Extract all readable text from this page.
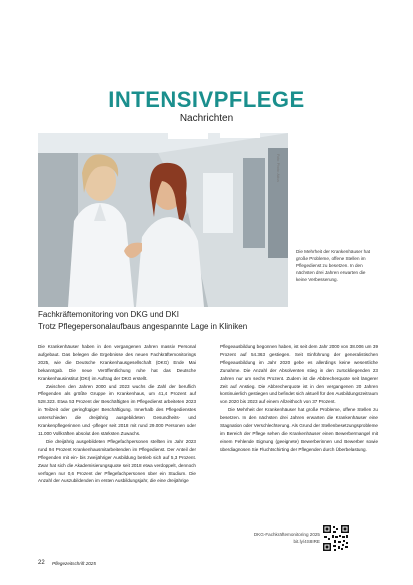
INTENSIVPFLEGE
Nachrichten
Foto: Photo: Aldus
Die Mehrheit der Krankenhäuser hat große Probleme, offene Stellen im Pflegedienst zu besetzen. In den nächsten drei Jahren erwarten die keine Verbesserung.
Fachkräftemonitoring von DKG und DKI
Trotz Pflegepersonalaufbaus angespannte Lage in Kliniken

Die Krankenhäuser haben in den vergangenen Jahren massiv Personal aufgebaut. Das belegen die Ergebnisse des neuen Fachkräftemonitorings 2025, wie die Deutsche Krankenhausgesellschaft (DKG) Ende Mai bekanntgab. Die neue Veröffentlichung ruhe hat das Deutsche Krankenhausinstitut (DKI) im Auftrag der DKG erstellt.

Zwischen den Jahren 2000 und 2023 wuchs die Zahl der beruflich Pflegenden als größte Gruppe im Krankenhaus, um 41,4 Prozent auf 528.323. Etwa 53 Prozent der Beschäftigten im Pflegedienst arbeiteten 2023 in Teilzeit oder geringfügiger Beschäftigung. Innerhalb des Pflegedienstes unterschieden die dreijährig ausgebildeten Gesundheits- und Krankenpflegerinnen und -pfleger seit 2018 mit rund 29.000 Personen oder 11.000 Vollkräften absolut den stärksten Zuwachs.

Die dreijährig ausgebildeten Pflegefachpersonen stellten im Jahr 2023 rund 94 Prozent Krankenhausmitarbeitenden im Pflegedienst. Der Anteil der Pflegenden mit ein- bis zweijähriger Ausbildung betrieb sich auf 5,3 Prozent. Zwar hat sich die Akademisierungsquote seit 2018 etwa verdoppelt, dennoch verfügen nur 0,6 Prozent der Pflegefachpersonen über ein Studium. Die Anzahl der Auszubildenden im ersten Ausbildungsjahr, die eine dreijährige

Pflegeausbildung begonnen haben, ist seit dem Jahr 2000 von 38.006 um 39 Prozent auf 54.363 gestiegen. Seit Einführung der generalistischen Pflegeausbildung im Jahr 2020 gebe es allerdings keine wesentliche Zunahme. Die Anzahl der Absolventen stieg in den zurückliegenden 23 Jahren nur um sechs Prozent. Zudem ist die Abbrecherquote seit längerer Zeit auf Anstieg. Die Abbrecherquote ist in den vergangenen 20 Jahren kontinuierlich gestiegen und befindet sich aktuell für den Ausbildungszeitraum von 2020 bis 2023 auf einem Allzeithoch von 37 Prozent.

Die Mehrheit der Krankenhäuser hat große Probleme, offene Stellen zu besetzen. In den nächsten drei Jahren erwarten die Krankenhäuser eine Stagnation oder Verschlechterung. Als Grund der Stellenbesetzungsprobleme im Bereich der Pflege sehen die Krankenhäuser einen Bewerbermangel mit einem Fehlende Eignung (geeignete) Bewerberinnen und Bewerber sowie überdiagnosen Sie Fluchtschirting der Pflegenden durch Überbelastung.

DKG-Fachkräftemonitoring 2025
bit.ly/4S8IRE
22 Pflegezeitschrift 2025
